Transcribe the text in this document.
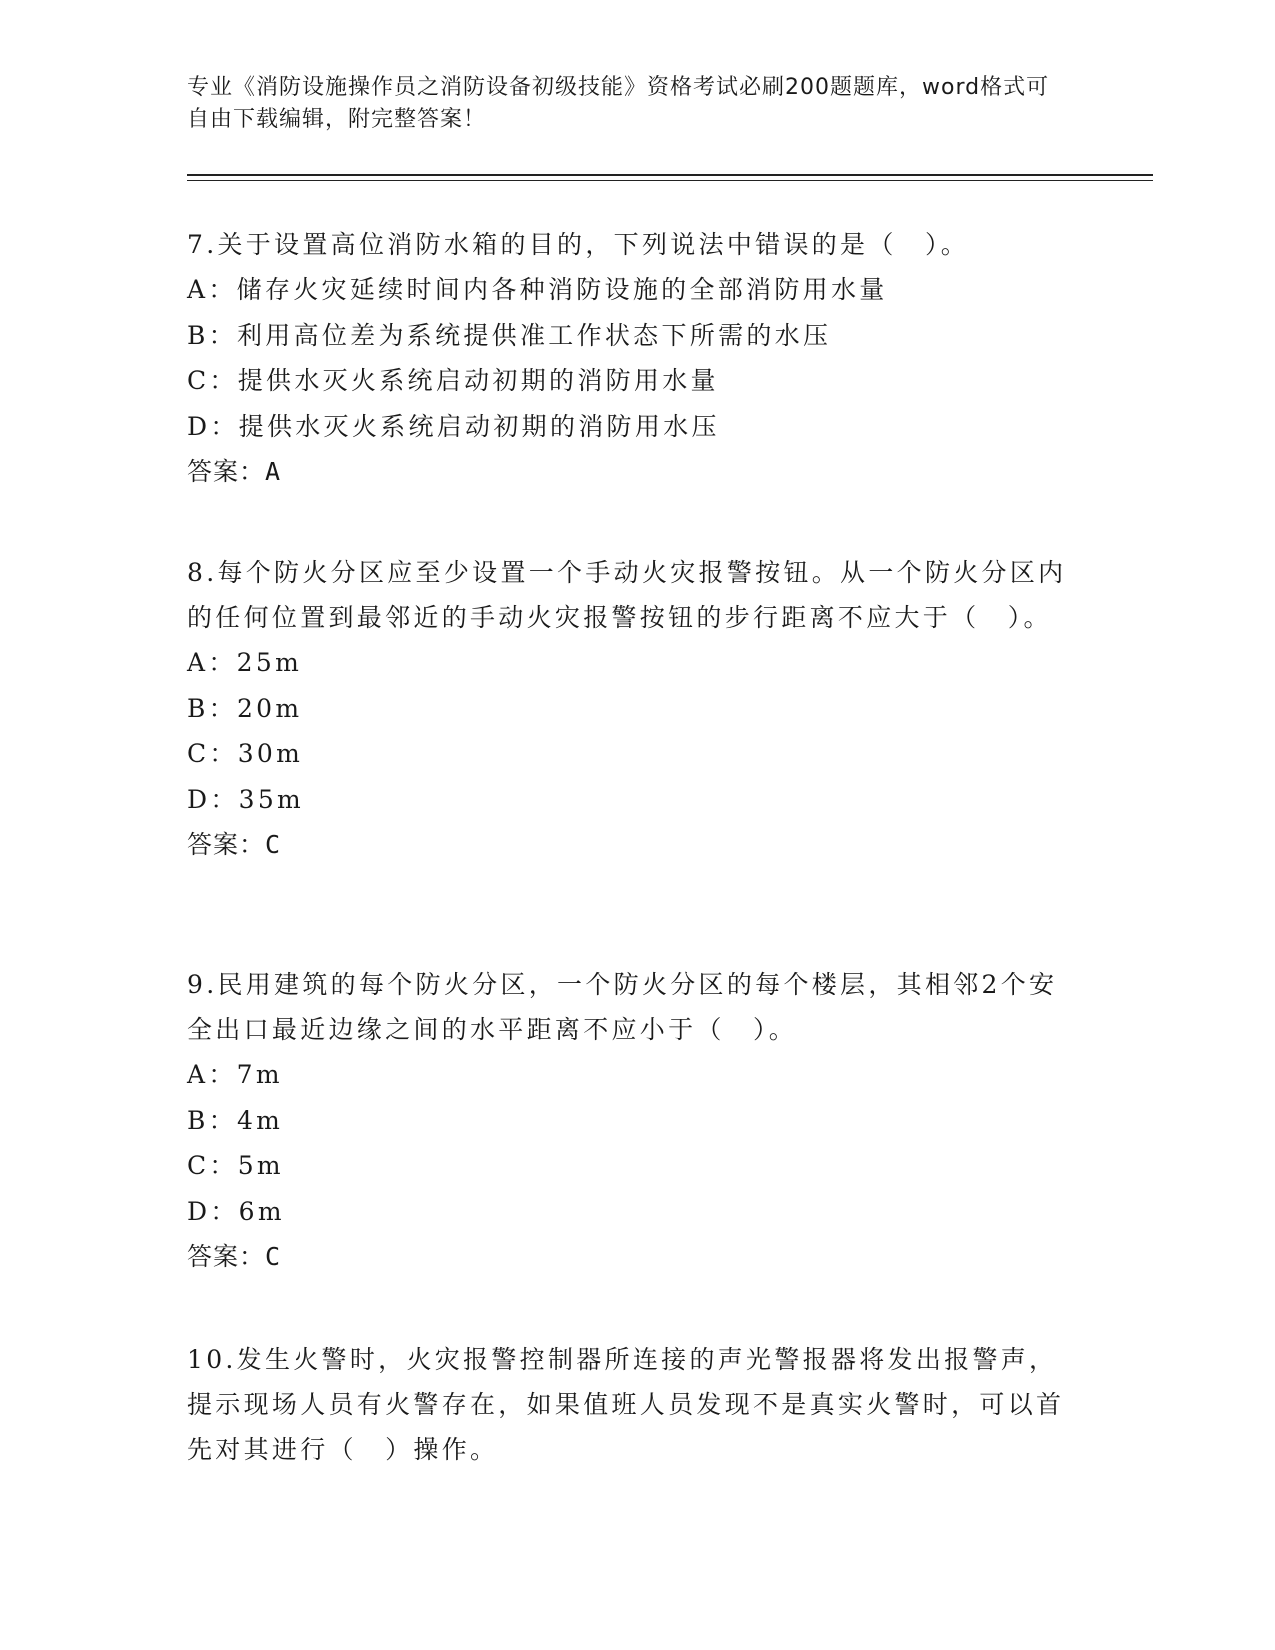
专业《消防设施操作员之消防设备初级技能》资格考试必刷200题题库，word格式可自由下载编辑，附完整答案！
7.关于设置高位消防水箱的目的，下列说法中错误的是（　）。
A：储存火灾延续时间内各种消防设施的全部消防用水量
B：利用高位差为系统提供准工作状态下所需的水压
C：提供水灭火系统启动初期的消防用水量
D：提供水灭火系统启动初期的消防用水压
答案：A
8.每个防火分区应至少设置一个手动火灾报警按钮。从一个防火分区内的任何位置到最邻近的手动火灾报警按钮的步行距离不应大于（　）。
A：25m
B：20m
C：30m
D：35m
答案：C
9.民用建筑的每个防火分区，一个防火分区的每个楼层，其相邻2个安全出口最近边缘之间的水平距离不应小于（　）。
A：7m
B：4m
C：5m
D：6m
答案：C
10.发生火警时，火灾报警控制器所连接的声光警报器将发出报警声，提示现场人员有火警存在，如果值班人员发现不是真实火警时，可以首先对其进行（　）操作。
